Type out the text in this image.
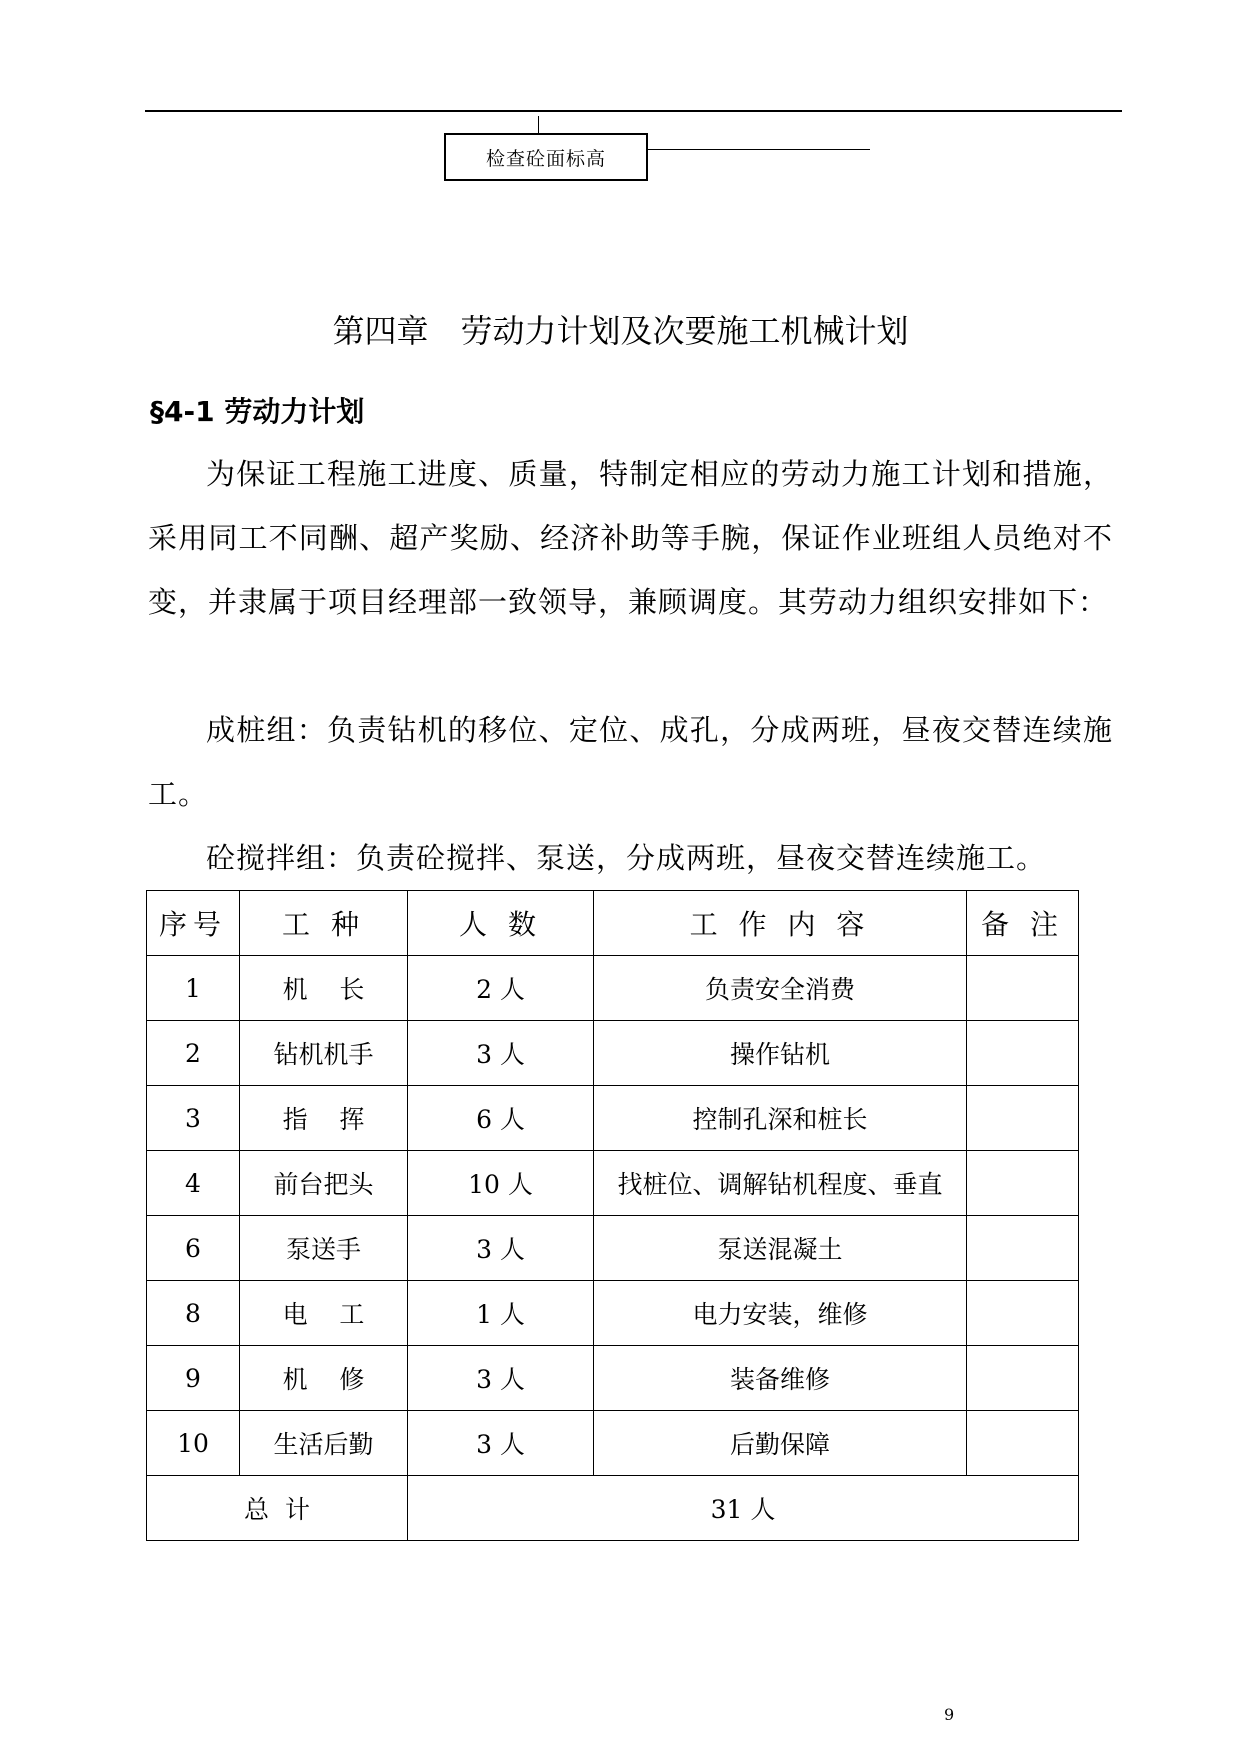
检查砼面标高
第四章　劳动力计划及次要施工机械计划
§4-1 劳动力计划
为保证工程施工进度、质量，特制定相应的劳动力施工计划和措施，采用同工不同酬、超产奖励、经济补助等手腕，保证作业班组人员绝对不变，并隶属于项目经理部一致领导，兼顾调度。其劳动力组织安排如下：
成桩组：负责钻机的移位、定位、成孔，分成两班，昼夜交替连续施工。
砼搅拌组：负责砼搅拌、泵送，分成两班，昼夜交替连续施工。
序号	工 种	人 数	工 作 内 容	备 注
1	机    长	2 人	负责安全消费	
2	钻机机手	3 人	操作钻机	
3	指    挥	6 人	控制孔深和桩长	
4	前台把头	10 人	找桩位、调解钻机程度、垂直	
6	泵送手	3 人	泵送混凝土	
8	电    工	1 人	电力安装，维修	
9	机    修	3 人	装备维修	
10	生活后勤	3 人	后勤保障	
总  计		31 人		
9
